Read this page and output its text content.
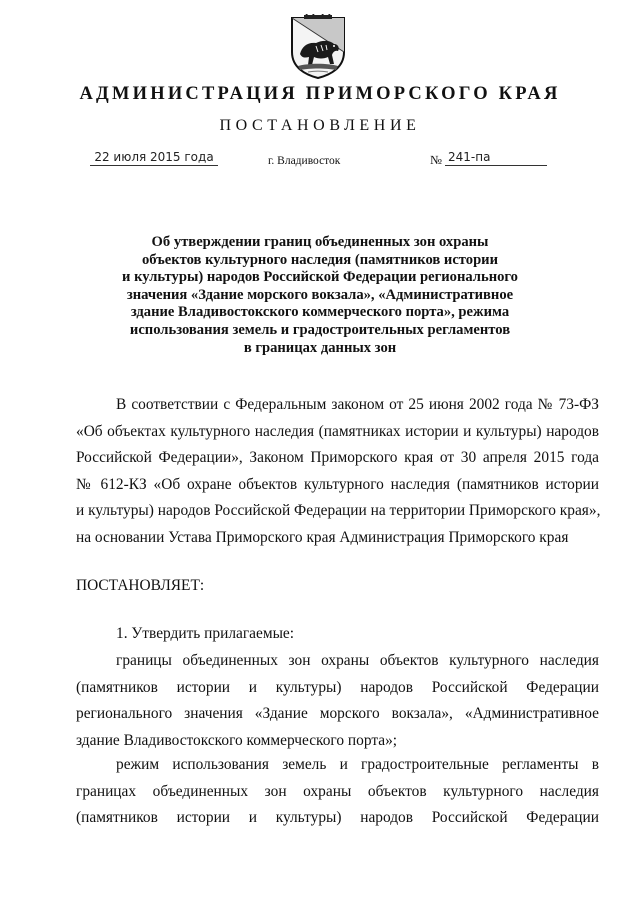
АДМИНИСТРАЦИЯ ПРИМОРСКОГО КРАЯ
ПОСТАНОВЛЕНИЕ
22 июля 2015 года	г. Владивосток	№ 241-па
Об утверждении границ объединенных зон охраны
объектов культурного наследия (памятников истории
и культуры) народов Российской Федерации регионального
значения «Здание морского вокзала», «Административное
здание Владивостокского коммерческого порта», режима
использования земель и градостроительных регламентов
в границах данных зон
В соответствии с Федеральным законом от 25 июня 2002 года № 73-ФЗ
«Об объектах культурного наследия (памятниках истории и культуры) народов
Российской Федерации», Законом Приморского края от 30 апреля 2015 года
№ 612-КЗ «Об охране объектов культурного наследия (памятников истории
и культуры) народов Российской Федерации на территории Приморского края»,
на основании Устава Приморского края Администрация Приморского края
ПОСТАНОВЛЯЕТ:
1. Утвердить прилагаемые:
границы объединенных зон охраны объектов культурного наследия
(памятников истории и культуры) народов Российской Федерации
регионального значения «Здание морского вокзала», «Административное
здание Владивостокского коммерческого порта»;
режим использования земель и градостроительные регламенты в
границах объединенных зон охраны объектов культурного наследия
(памятников истории и культуры) народов Российской Федерации
